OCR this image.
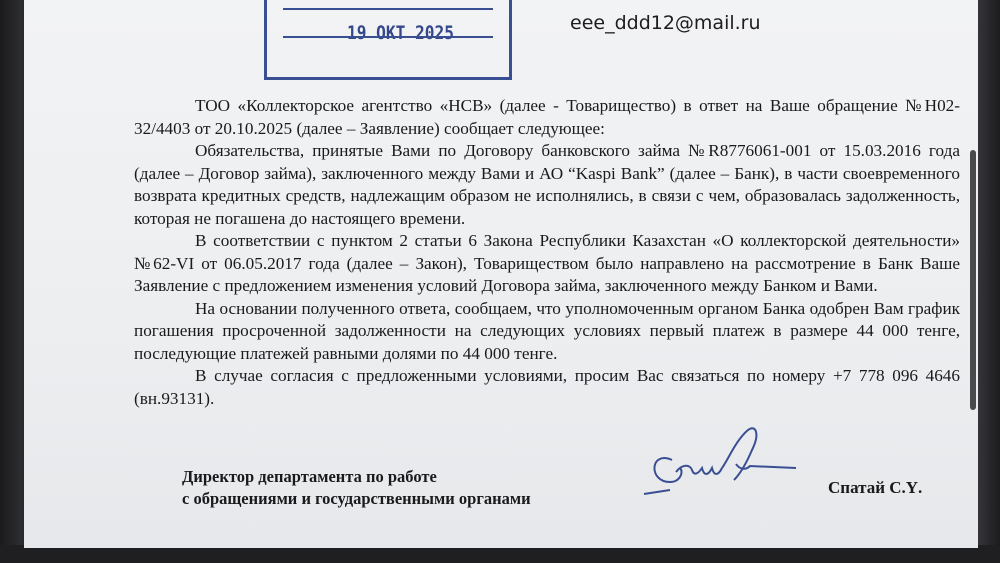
19 ОКТ 2025	eee_ddd12@mail.ru

ТОО «Коллекторское агентство «НСВ» (далее - Товарищество) в ответ на Ваше обращение №Н02-32/4403 от 20.10.2025 (далее – Заявление) сообщает следующее:

Обязательства, принятые Вами по Договору банковского займа №R8776061-001 от 15.03.2016 года (далее – Договор займа), заключенного между Вами и АО “Kaspi Bank” (далее – Банк), в части своевременного возврата кредитных средств, надлежащим образом не исполнялись, в связи с чем, образовалась задолженность, которая не погашена до настоящего времени.

В соответствии с пунктом 2 статьи 6 Закона Республики Казахстан «О коллекторской деятельности» №62-VI от 06.05.2017 года (далее – Закон), Товариществом было направлено на рассмотрение в Банк Ваше Заявление с предложением изменения условий Договора займа, заключенного между Банком и Вами.

На основании полученного ответа, сообщаем, что уполномоченным органом Банка одобрен Вам график погашения просроченной задолженности на следующих условиях первый платеж в размере 44 000 тенге, последующие платежей равными долями по 44 000 тенге.

В случае согласия с предложенными условиями, просим Вас связаться по номеру +7 778 096 4646 (вн.93131).

Директор департамента по работе
с обращениями и государственными органами
Спатай С.Ү.
